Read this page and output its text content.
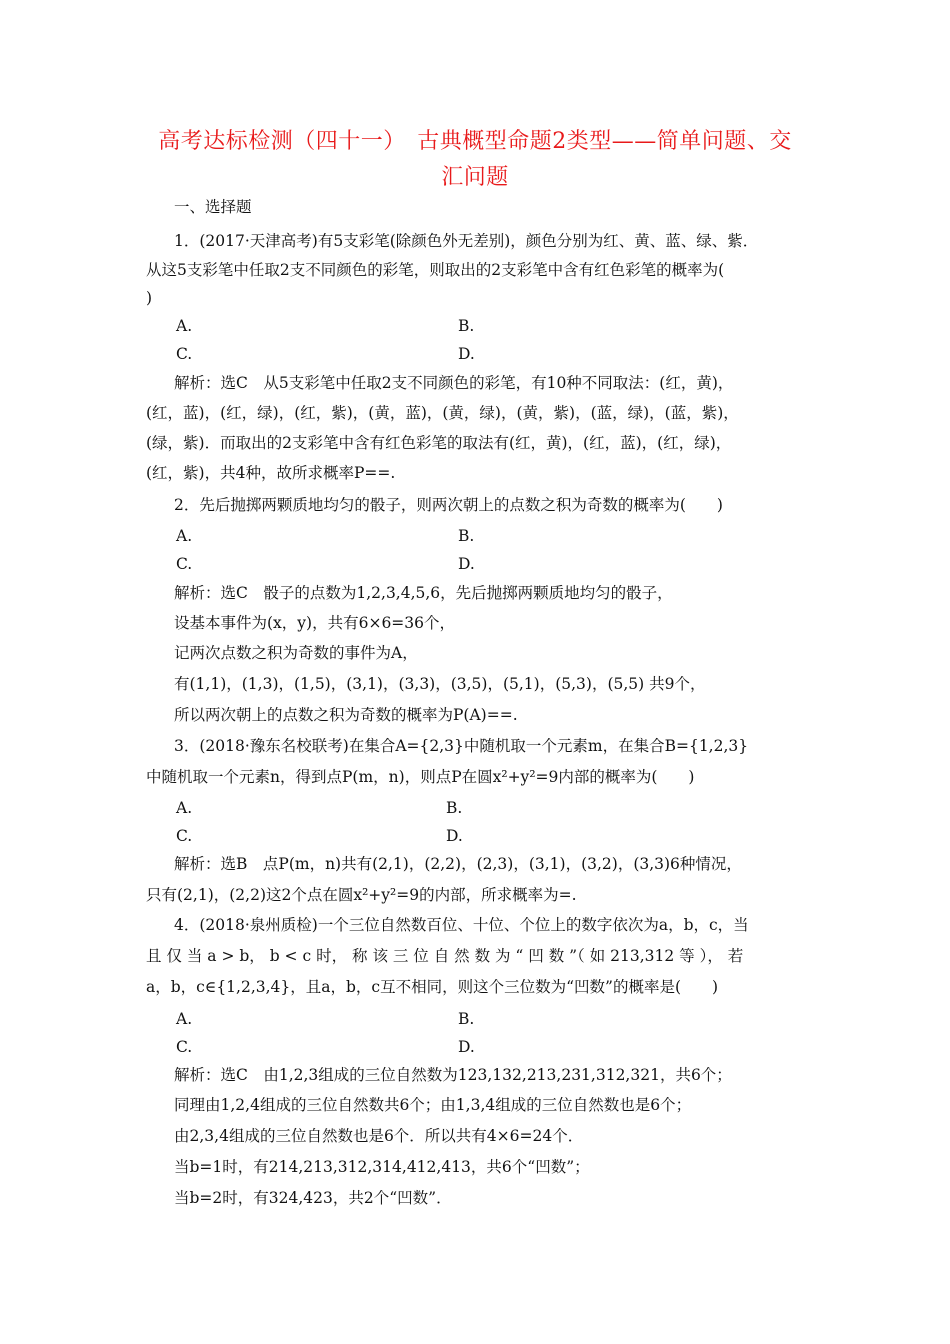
高考达标检测（四十一）　古典概型命题2类型——简单问题、交
汇问题
一、选择题
1．(2017·天津高考)有5支彩笔(除颜色外无差别)，颜色分别为红、黄、蓝、绿、紫．
从这5支彩笔中任取2支不同颜色的彩笔，则取出的2支彩笔中含有红色彩笔的概率为(
)
A.	B.
C.	D.
解析：选C　从5支彩笔中任取2支不同颜色的彩笔，有10种不同取法：(红，黄)，
(红，蓝)，(红，绿)，(红，紫)，(黄，蓝)，(黄，绿)，(黄，紫)，(蓝，绿)，(蓝，紫)，
(绿，紫)．而取出的2支彩笔中含有红色彩笔的取法有(红，黄)，(红，蓝)，(红，绿)，
(红，紫)，共4种，故所求概率P==.
2．先后抛掷两颗质地均匀的骰子，则两次朝上的点数之积为奇数的概率为(　　)
A.	B.
C.	D.
解析：选C　骰子的点数为1,2,3,4,5,6，先后抛掷两颗质地均匀的骰子，
设基本事件为(x，y)，共有6×6=36个，
记两次点数之积为奇数的事件为A，
有(1,1)，(1,3)，(1,5)，(3,1)，(3,3)，(3,5)，(5,1)，(5,3)，(5,5) 共9个，
所以两次朝上的点数之积为奇数的概率为P(A)==.
3．(2018·豫东名校联考)在集合A={2,3}中随机取一个元素m，在集合B={1,2,3}
中随机取一个元素n，得到点P(m，n)，则点P在圆x²+y²=9内部的概率为(　　)
A.	B.
C.	D.
解析：选B　点P(m，n)共有(2,1)，(2,2)，(2,3)，(3,1)，(3,2)，(3,3)6种情况，
只有(2,1)，(2,2)这2个点在圆x²+y²=9的内部，所求概率为=.
4．(2018·泉州质检)一个三位自然数百位、十位、个位上的数字依次为a，b，c，当
且 仅 当 a > b， b < c 时， 称 该 三 位 自 然 数 为 “ 凹 数 ”（ 如 213,312 等 ）， 若
a，b，c∈{1,2,3,4}，且a，b，c互不相同，则这个三位数为“凹数”的概率是(　　)
A.	B.
C.	D.
解析：选C　由1,2,3组成的三位自然数为123,132,213,231,312,321，共6个；
同理由1,2,4组成的三位自然数共6个；由1,3,4组成的三位自然数也是6个；
由2,3,4组成的三位自然数也是6个．所以共有4×6=24个．
当b=1时，有214,213,312,314,412,413，共6个“凹数”；
当b=2时，有324,423，共2个“凹数”．
